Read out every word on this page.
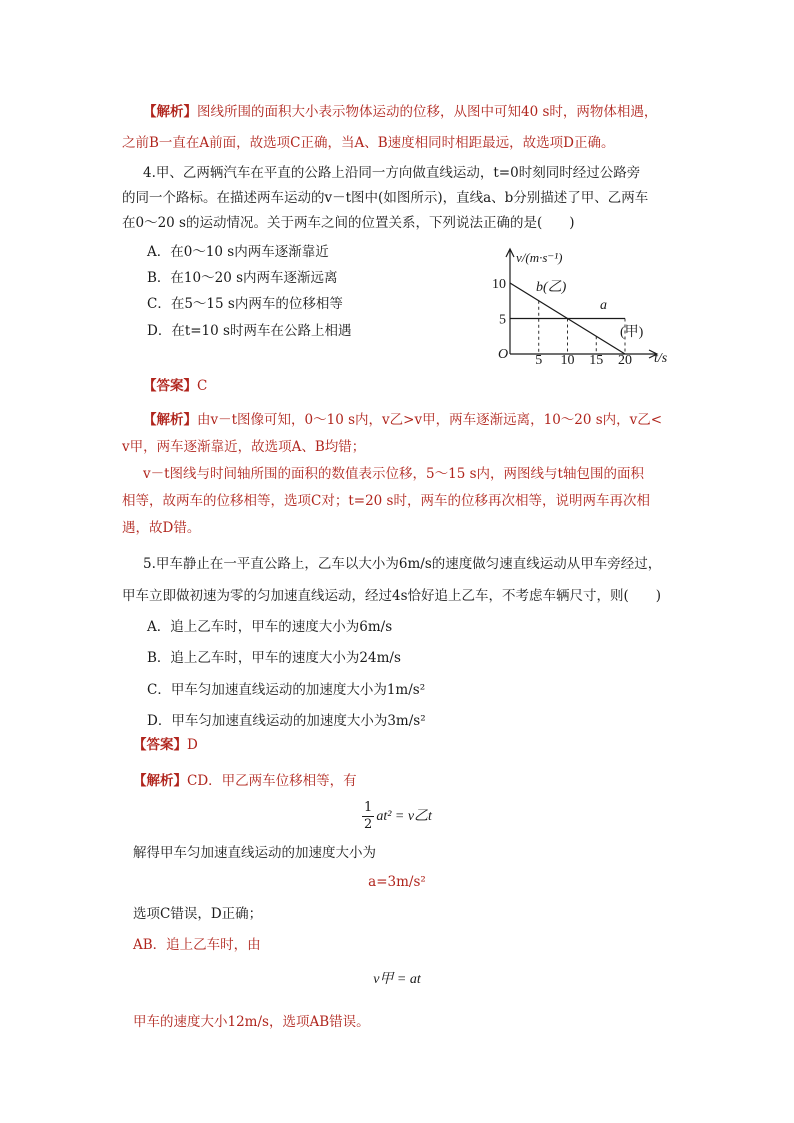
【解析】图线所围的面积大小表示物体运动的位移，从图中可知40 s时，两物体相遇，
之前B一直在A前面，故选项C正确，当A、B速度相同时相距最远，故选项D正确。
4.甲、乙两辆汽车在平直的公路上沿同一方向做直线运动，t=0时刻同时经过公路旁
的同一个路标。在描述两车运动的v－t图中(如图所示)，直线a、b分别描述了甲、乙两车
在0～20 s的运动情况。关于两车之间的位置关系，下列说法正确的是(　　)
A．在0～10 s内两车逐渐靠近
B．在10～20 s内两车逐渐远离
C．在5～15 s内两车的位移相等
D．在t=10 s时两车在公路上相遇
10
5
5 10 15 20
v/(m·s⁻¹)
t/s
O
b(乙)
a
(甲)
【答案】C
【解析】由v－t图像可知，0～10 s内，v乙>v甲，两车逐渐远离，10～20 s内，v乙<
v甲，两车逐渐靠近，故选项A、B均错；
v－t图线与时间轴所围的面积的数值表示位移，5～15 s内，两图线与t轴包围的面积
相等，故两车的位移相等，选项C对；t=20 s时，两车的位移再次相等，说明两车再次相
遇，故D错。
5.甲车静止在一平直公路上，乙车以大小为6m/s的速度做匀速直线运动从甲车旁经过，
甲车立即做初速为零的匀加速直线运动，经过4s恰好追上乙车，不考虑车辆尺寸，则(　　)
A．追上乙车时，甲车的速度大小为6m/s
B．追上乙车时，甲车的速度大小为24m/s
C．甲车匀加速直线运动的加速度大小为1m/s²
D．甲车匀加速直线运动的加速度大小为3m/s²
【答案】D
【解析】CD．甲乙两车位移相等，有
$\frac{1}{2} at^2 = v$乙t
解得甲车匀加速直线运动的加速度大小为
a=3m/s²
选项C错误，D正确；
AB．追上乙车时，由
v甲 = at
甲车的速度大小12m/s，选项AB错误。
